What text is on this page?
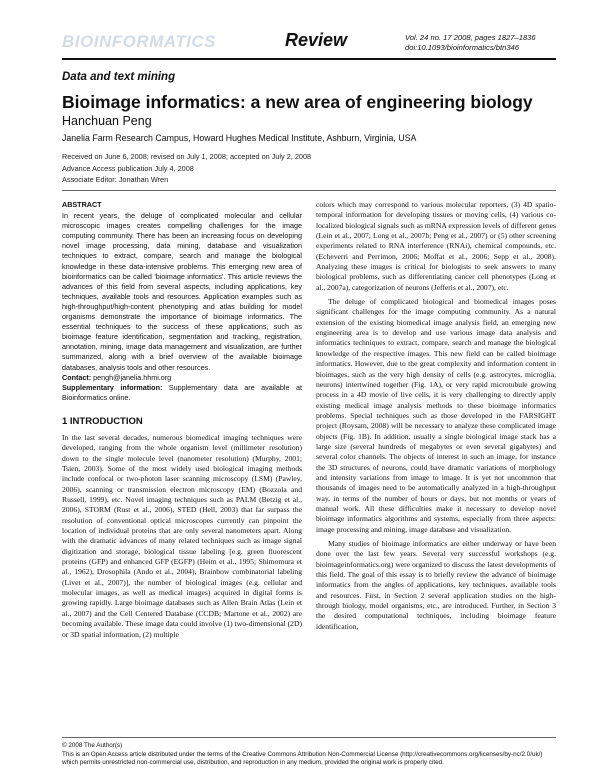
BIOINFORMATICS	Review	Vol. 24 no. 17 2008, pages 1827–1836
doi:10.1093/bioinformatics/btn346
Data and text mining
Bioimage informatics: a new area of engineering biology
Hanchuan Peng
Janelia Farm Research Campus, Howard Hughes Medical Institute, Ashburn, Virginia, USA
Received on June 6, 2008; revised on July 1, 2008; accepted on July 2, 2008
Advance Access publication July 4, 2008
Associate Editor: Jonathan Wren
ABSTRACT

In recent years, the deluge of complicated molecular and cellular microscopic images creates compelling challenges for the image computing community. There has been an increasing focus on developing novel image processing, data mining, database and visualization techniques to extract, compare, search and manage the biological knowledge in these data-intensive problems. This emerging new area of bioinformatics can be called 'bioimage informatics'. This article reviews the advances of this field from several aspects, including applications, key techniques, available tools and resources. Application examples such as high-throughput/high-content phenotyping and atlas building for model organisms demonstrate the importance of bioimage informatics. The essential techniques to the success of these applications, such as bioimage feature identification, segmentation and tracking, registration, annotation, mining, image data management and visualization, are further summarized, along with a brief overview of the available bioimage databases, analysis tools and other resources.

Contact: pengh@janelia.hhmi.org

Supplementary information: Supplementary data are available at Bioinformatics online.

1 INTRODUCTION

In the last several decades, numerous biomedical imaging techniques were developed, ranging from the whole organism level (millimeter resolution) down to the single molecule level (nanometer resolution) (Murphy, 2001; Tsien, 2003). Some of the most widely used biological imaging methods include confocal or two-photon laser scanning microscopy (LSM) (Pawley, 2006), scanning or transmission electron microscopy (EM) (Bozzola and Russell, 1999), etc. Novel imaging techniques such as PALM (Betzig et al., 2006), STORM (Rust et al., 2006), STED (Hell, 2003) that far surpass the resolution of conventional optical microscopes currently can pinpoint the location of individual proteins that are only several nanometers apart. Along with the dramatic advances of many related techniques such as image signal digitization and storage, biological tissue labeling [e.g. green fluorescent proteins (GFP) and enhanced GFP (EGFP) (Heim et al., 1995; Shimomura et al., 1962), Drosophila (Ando et al., 2004), Brainbow combinatorial labeling (Livet et al., 2007)], the number of biological images (e.g. cellular and molecular images, as well as medical images) acquired in digital forms is growing rapidly. Large bioimage databases such as Allen Brain Atlas (Lein et al., 2007) and the Cell Centered Database (CCDB; Martone et al., 2002) are becoming available. These image data could involve (1) two-dimensional (2D) or 3D spatial information, (2) multiple

colors which may correspond to various molecular reporters, (3) 4D spatio-temporal information for developing tissues or moving cells, (4) various co-localized biological signals such as mRNA expression levels of different genes (Lein et al., 2007; Long et al., 2007b; Peng et al., 2007) or (5) other screening experiments related to RNA interference (RNAi), chemical compounds, etc. (Echeverri and Perrimon, 2006; Moffat et al., 2006; Sepp et al., 2008). Analyzing these images is critical for biologists to seek answers to many biological problems, such as differentiating cancer cell phenotypes (Long et al., 2007a), categorization of neurons (Jefferis et al., 2007), etc.

The deluge of complicated biological and biomedical images poses significant challenges for the image computing community. As a natural extension of the existing biomedical image analysis field, an emerging new engineering area is to develop and use various image data analysis and informatics techniques to extract, compare, search and manage the biological knowledge of the respective images. This new field can be called bioimage informatics. However, due to the great complexity and information content in bioimages, such as the very high density of cells (e.g. astrocytes, microglia, neurons) intertwined together (Fig. 1A), or very rapid microtubule growing process in a 4D movie of live cells, it is very challenging to directly apply existing medical image analysis methods to these bioimage informatics problems. Special techniques such as those developed in the FARSIGHT project (Roysam, 2008) will be necessary to analyze these complicated image objects (Fig. 1B). In addition, usually a single biological image stack has a large size (several hundreds of megabytes or even several gigabytes) and several color channels. The objects of interest in such an image, for instance the 3D structures of neurons, could have dramatic variations of morphology and intensity variations from image to image. It is yet not uncommon that thousands of images need to be automatically analyzed in a high-throughput way, in terms of the number of hours or days, but not months or years of manual work. All these difficulties make it necessary to develop novel bioimage informatics algorithms and systems, especially from three aspects: image processing and mining, image database and visualization.

Many studies of bioimage informatics are either underway or have been done over the last few years. Several very successful workshops (e.g. bioimageinformatics.org) were organized to discuss the latest developments of this field. The goal of this essay is to briefly review the advance of bioimage informatics from the angles of applications, key techniques, available tools and resources. First, in Section 2 several application studies on the high-through biology, model organisms, etc., are introduced. Further, in Section 3 the desired computational techniques, including bioimage feature identification,

© 2008 The Author(s)
This is an Open Access article distributed under the terms of the Creative Commons Attribution Non-Commercial License (http://creativecommons.org/licenses/by-nc/2.0/uk/) which permits unrestricted non-commercial use, distribution, and reproduction in any medium, provided the original work is properly cited.
